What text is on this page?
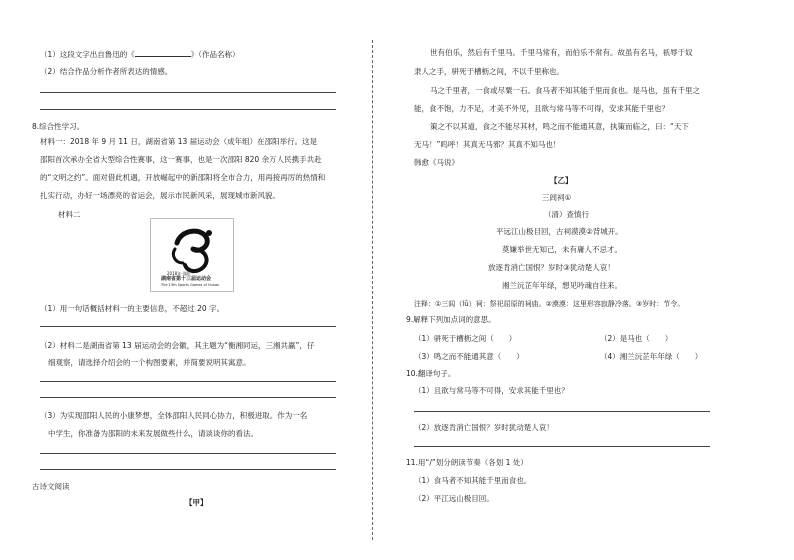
（1）这段文字出自鲁迅的《	》（作品名称）
（2）结合作品分析作者所表达的情感。
8.综合性学习。
材料一：2018 年 9 月 11 日，湖南省第 13 届运动会（成年组）在邵阳举行。这是
邵阳首次承办全省大型综合性赛事，这一赛事，也是一次邵阳 820 余万人民携手共赴
的“文明之约”。面对借此机遇，开放崛起中的新邵阳将全市合力，用再接再厉的热情和
扎实行动，办好一场漂亮的省运会，展示市民新风采，展现城市新风貌。
材料二
2018年·邵阳
湖南省第十三届运动会
The 13th Sports Games of Hunan
（1）用一句话概括材料一的主要信息，不超过 20 字。
（2）材料二是湖南省第 13 届运动会的会徽，其主题为“衡湘同运，三湘共赢”，仔
细观察，请选择介绍会的一个构图要素，并简要说明其寓意。
（3）为实现邵阳人民的小康梦想，全体邵阳人民同心协力，积极进取。作为一名
中学生，你准备为邵阳的未来发展做些什么，请谈谈你的看法。
古诗文阅读
【甲】
世有伯乐，然后有千里马。千里马常有，而伯乐不常有。故虽有名马，祇辱于奴
隶人之手，骈死于槽枥之间，不以千里称也。
马之千里者，一食或尽粟一石。食马者不知其能千里而食也。是马也，虽有千里之
能，食不饱，力不足，才美不外见，且欲与常马等不可得，安求其能千里也？
策之不以其道，食之不能尽其材，鸣之而不能通其意，执策而临之，曰：“天下
无马！”呜呼！其真无马邪？其真不知马也！
韩愈《马说》
【乙】
三闾祠①
（清）查慎行
平远江山极目回，古祠漠漠②背城开。
莫嫌举世无知己，未有庸人不忌才。
放逐肯消亡国恨？岁时③犹动楚人哀！
湘兰沅芷年年绿，想见吟魂自往来。
注释：①三闾（lǘ）祠：祭祀屈原的祠庙。②漠漠：这里形容寂静冷落。③岁时：节令。
9.解释下列加点词的意思。
（1）骈死于槽枥之间（　　）	（2）是马也（　　）
（3）鸣之而不能通其意（　　）	（4）湘兰沅芷年年绿（　　）
10.翻译句子。
（1）且欲与常马等不可得，安求其能千里也？
（2）放逐肯消亡国恨？岁时犹动楚人哀！
11.用“/”划分朗读节奏（各划 1 处）
（1）食马者不知其能千里而食也。
（2）平江远山极目回。
